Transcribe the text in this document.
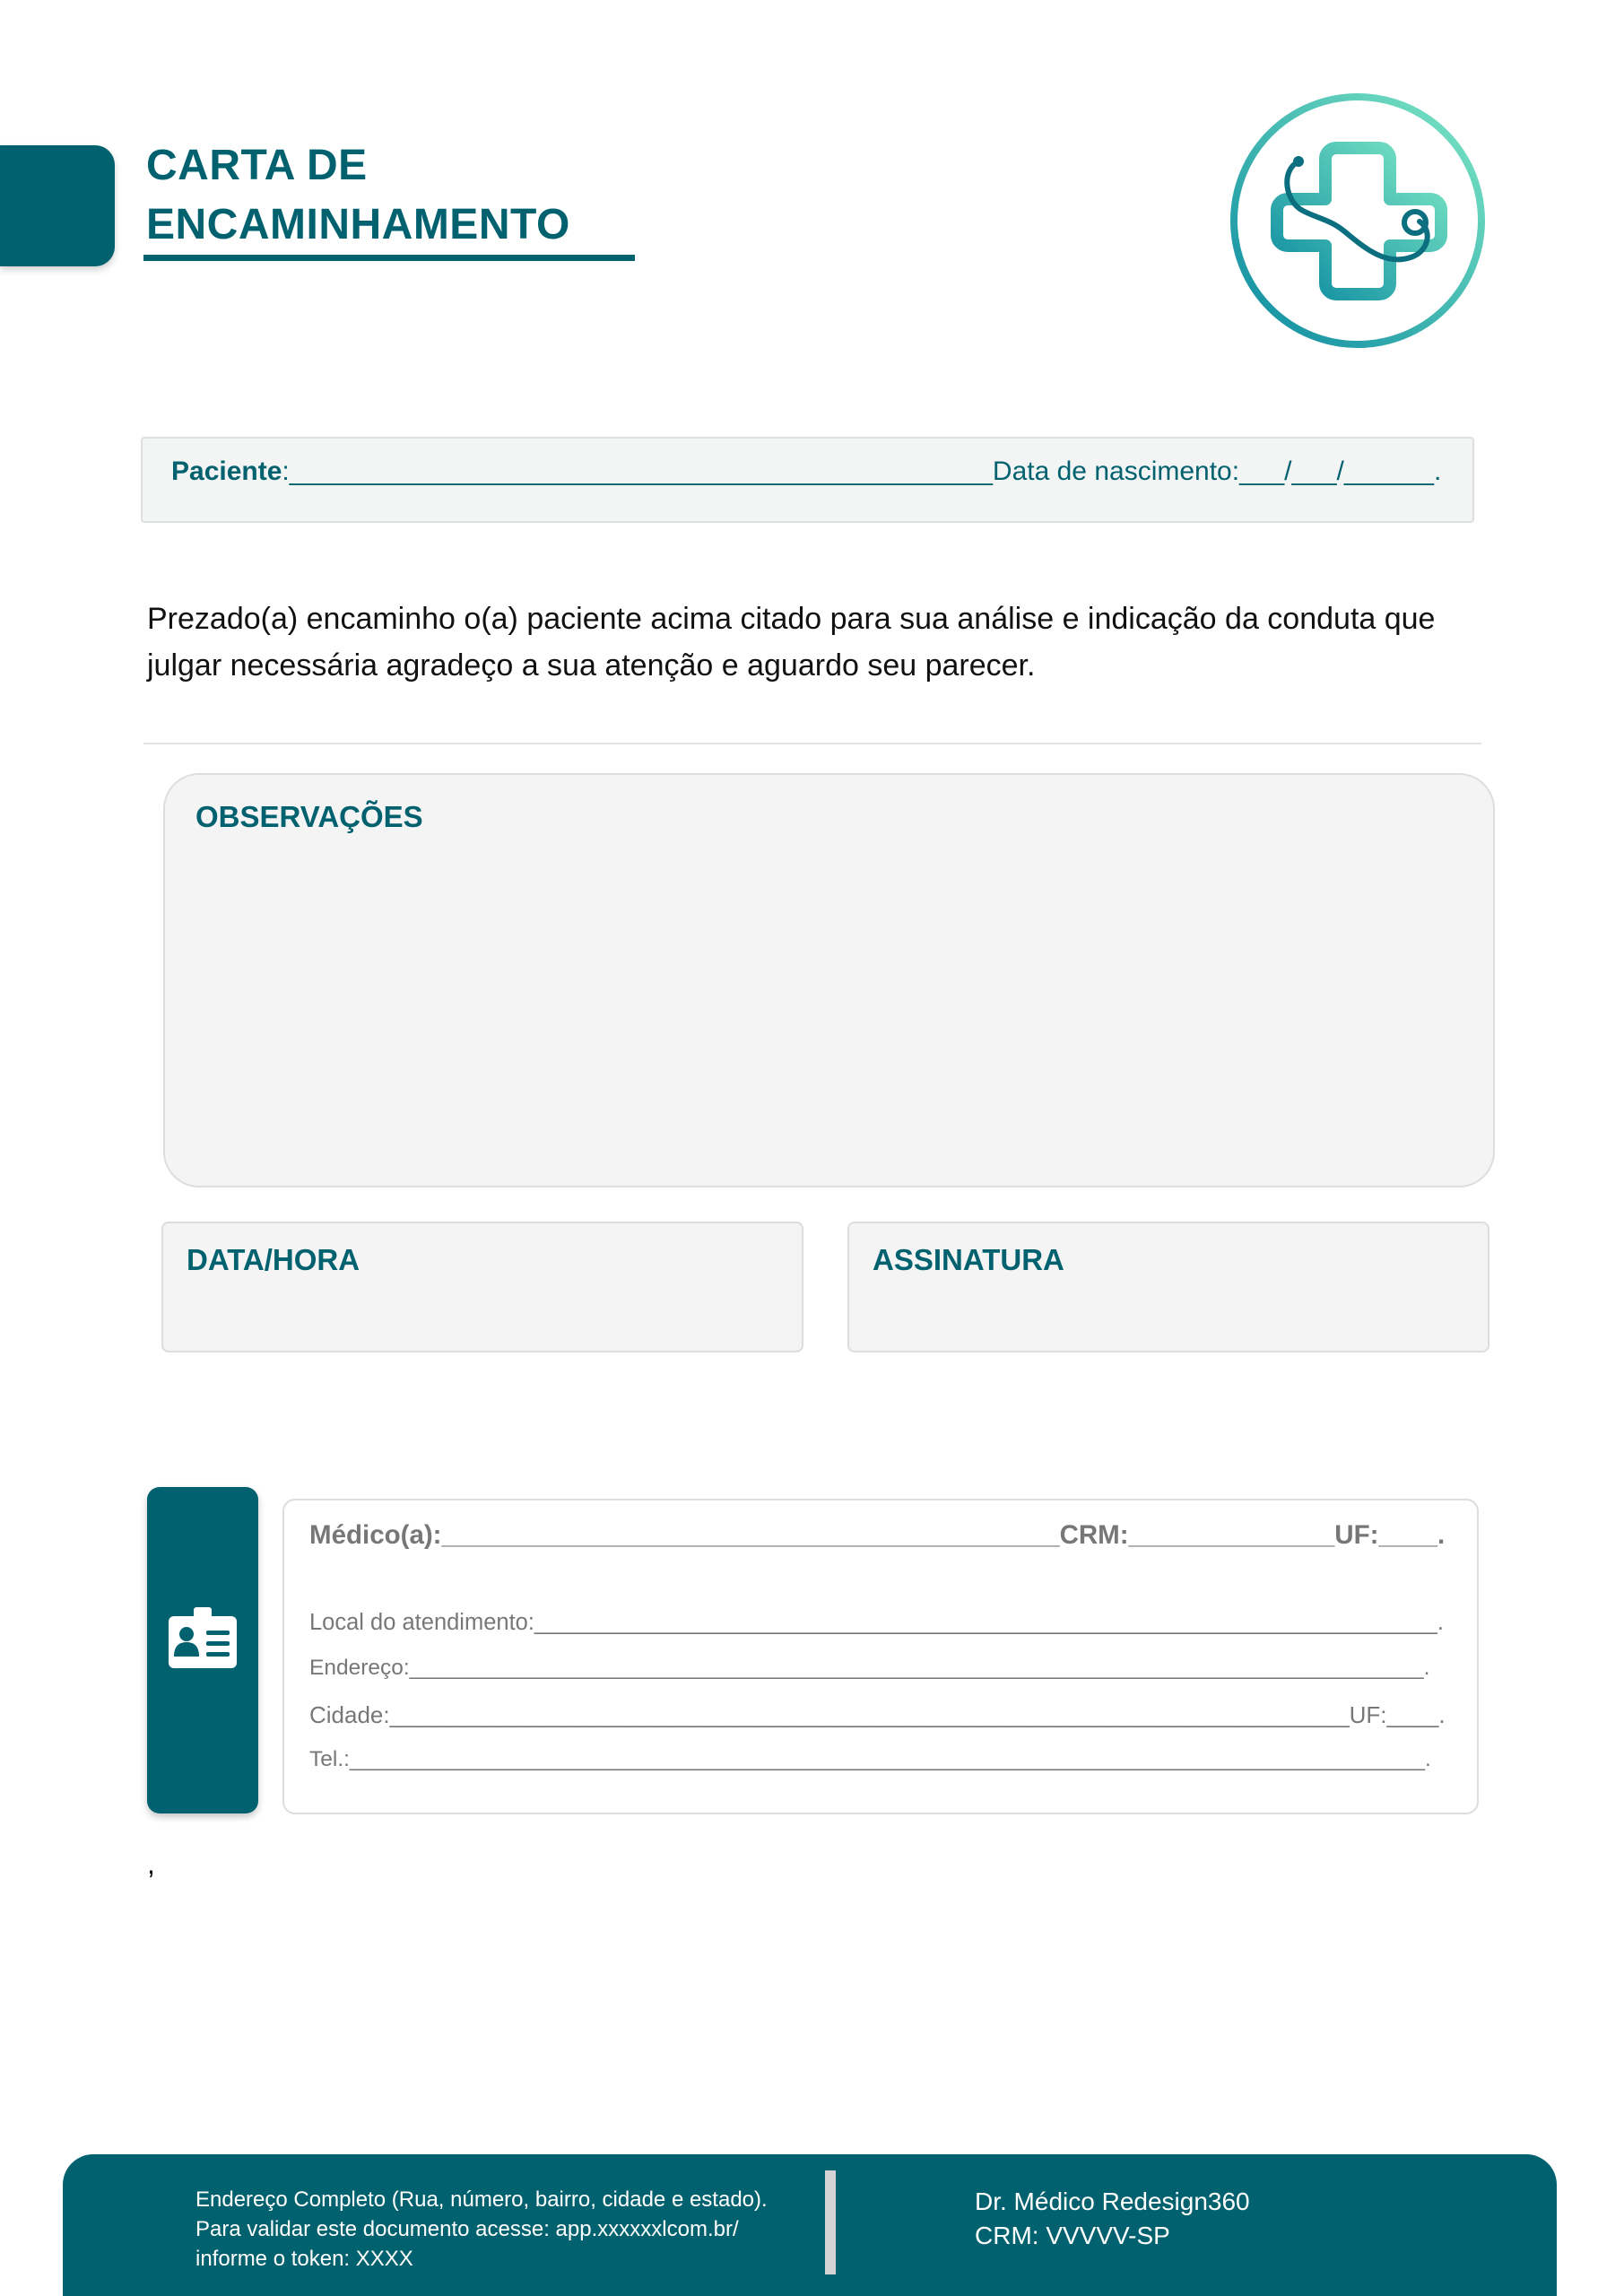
CARTA DE
ENCAMINHAMENTO
Paciente:_______________________________________________Data de nascimento:___/___/______.
Prezado(a) encaminho o(a) paciente acima citado para sua análise e indicação da conduta que julgar necessária agradeço a sua atenção e aguardo seu parecer.
OBSERVAÇÕES
DATA/HORA	ASSINATURA
Médico(a):__________________________________________CRM:______________UF:____.
Local do atendimento:_______________________________________________________________________.
Endereço:___________________________________________________________________________________.
Cidade:__________________________________________________________________________UF:____.
Tel.:________________________________________________________________________________________.
,
Endereço Completo (Rua, número, bairro, cidade e estado).
Para validar este documento acesse: app.xxxxxxlcom.br/
informe o token: XXXX
Dr. Médico Redesign360
CRM: VVVVV-SP
